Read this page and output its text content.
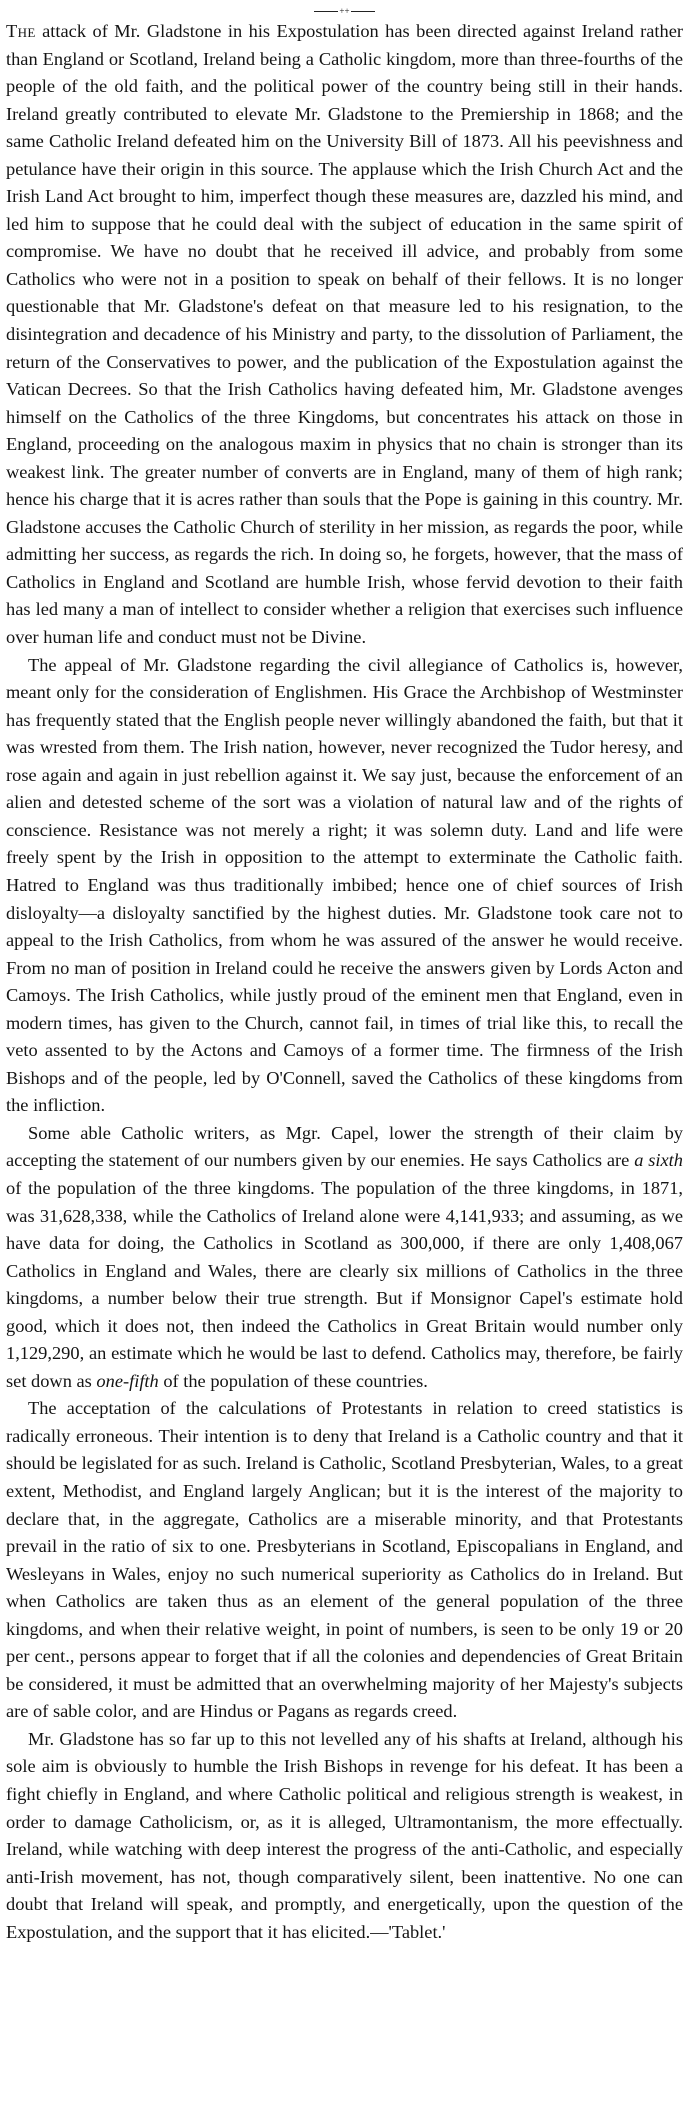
++

The attack of Mr. Gladstone in his Expostulation has been directed against Ireland rather than England or Scotland, Ireland being a Catholic kingdom, more than three-fourths of the people of the old faith, and the political power of the country being still in their hands. Ireland greatly contributed to elevate Mr. Gladstone to the Premiership in 1868; and the same Catholic Ireland defeated him on the University Bill of 1873. All his peevishness and petulance have their origin in this source. The applause which the Irish Church Act and the Irish Land Act brought to him, imperfect though these measures are, dazzled his mind, and led him to suppose that he could deal with the subject of education in the same spirit of compromise. We have no doubt that he received ill advice, and probably from some Catholics who were not in a position to speak on behalf of their fellows. It is no longer questionable that Mr. Gladstone's defeat on that measure led to his resignation, to the disintegration and decadence of his Ministry and party, to the dissolution of Parliament, the return of the Conservatives to power, and the publication of the Expostulation against the Vatican Decrees. So that the Irish Catholics having defeated him, Mr. Gladstone avenges himself on the Catholics of the three Kingdoms, but concentrates his attack on those in England, proceeding on the analogous maxim in physics that no chain is stronger than its weakest link. The greater number of converts are in England, many of them of high rank; hence his charge that it is acres rather than souls that the Pope is gaining in this country. Mr. Gladstone accuses the Catholic Church of sterility in her mission, as regards the poor, while admitting her success, as regards the rich. In doing so, he forgets, however, that the mass of Catholics in England and Scotland are humble Irish, whose fervid devotion to their faith has led many a man of intellect to consider whether a religion that exercises such influence over human life and conduct must not be Divine.

The appeal of Mr. Gladstone regarding the civil allegiance of Catholics is, however, meant only for the consideration of Englishmen. His Grace the Archbishop of Westminster has frequently stated that the English people never willingly abandoned the faith, but that it was wrested from them. The Irish nation, however, never recognized the Tudor heresy, and rose again and again in just rebellion against it. We say just, because the enforcement of an alien and detested scheme of the sort was a violation of natural law and of the rights of conscience. Resistance was not merely a right; it was solemn duty. Land and life were freely spent by the Irish in opposition to the attempt to exterminate the Catholic faith. Hatred to England was thus traditionally imbibed; hence one of chief sources of Irish disloyalty—a disloyalty sanctified by the highest duties. Mr. Gladstone took care not to appeal to the Irish Catholics, from whom he was assured of the answer he would receive. From no man of position in Ireland could he receive the answers given by Lords Acton and Camoys. The Irish Catholics, while justly proud of the eminent men that England, even in modern times, has given to the Church, cannot fail, in times of trial like this, to recall the veto assented to by the Actons and Camoys of a former time. The firmness of the Irish Bishops and of the people, led by O'Connell, saved the Catholics of these kingdoms from the infliction.

Some able Catholic writers, as Mgr. Capel, lower the strength of their claim by accepting the statement of our numbers given by our enemies. He says Catholics are a sixth of the population of the three kingdoms. The population of the three kingdoms, in 1871, was 31,628,338, while the Catholics of Ireland alone were 4,141,933; and assuming, as we have data for doing, the Catholics in Scotland as 300,000, if there are only 1,408,067 Catholics in England and Wales, there are clearly six millions of Catholics in the three kingdoms, a number below their true strength. But if Monsignor Capel's estimate hold good, which it does not, then indeed the Catholics in Great Britain would number only 1,129,290, an estimate which he would be last to defend. Catholics may, therefore, be fairly set down as one-fifth of the population of these countries.

The acceptation of the calculations of Protestants in relation to creed statistics is radically erroneous. Their intention is to deny that Ireland is a Catholic country and that it should be legislated for as such. Ireland is Catholic, Scotland Presbyterian, Wales, to a great extent, Methodist, and England largely Anglican; but it is the interest of the majority to declare that, in the aggregate, Catholics are a miserable minority, and that Protestants prevail in the ratio of six to one. Presbyterians in Scotland, Episcopalians in England, and Wesleyans in Wales, enjoy no such numerical superiority as Catholics do in Ireland. But when Catholics are taken thus as an element of the general population of the three kingdoms, and when their relative weight, in point of numbers, is seen to be only 19 or 20 per cent., persons appear to forget that if all the colonies and dependencies of Great Britain be considered, it must be admitted that an overwhelming majority of her Majesty's subjects are of sable color, and are Hindus or Pagans as regards creed.

Mr. Gladstone has so far up to this not levelled any of his shafts at Ireland, although his sole aim is obviously to humble the Irish Bishops in revenge for his defeat. It has been a fight chiefly in England, and where Catholic political and religious strength is weakest, in order to damage Catholicism, or, as it is alleged, Ultramontanism, the more effectually. Ireland, while watching with deep interest the progress of the anti-Catholic, and especially anti-Irish movement, has not, though comparatively silent, been inattentive. No one can doubt that Ireland will speak, and promptly, and energetically, upon the question of the Expostulation, and the support that it has elicited.—'Tablet.'
